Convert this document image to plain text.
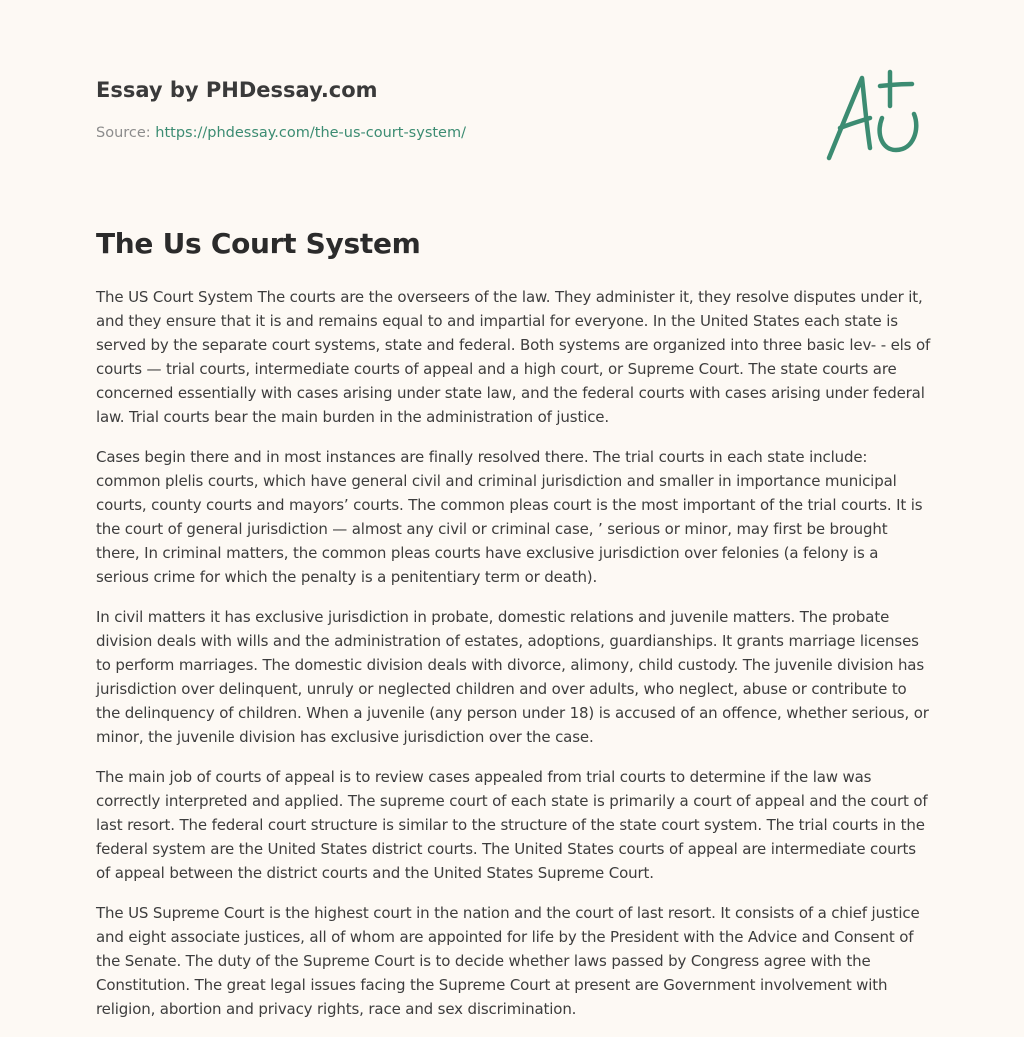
Essay by PHDessay.com
Source: https://phdessay.com/the-us-court-system/
The Us Court System

The US Court System The courts are the overseers of the law. They administer it, they resolve disputes under it, and they ensure that it is and remains equal to and impartial for everyone. In the United States each state is served by the separate court systems, state and federal. Both systems are organized into three basic lev- - els of courts — trial courts, intermediate courts of appeal and a high court, or Supreme Court. The state courts are concerned essentially with cases arising under state law, and the federal courts with cases arising under federal law. Trial courts bear the main burden in the administration of justice.

Cases begin there and in most instances are finally resolved there. The trial courts in each state include: common plelis courts, which have general civil and criminal jurisdiction and smaller in importance municipal courts, county courts and mayors’ courts. The common pleas court is the most important of the trial courts. It is the court of general jurisdiction — almost any civil or criminal case, ’ serious or minor, may first be brought there, In criminal matters, the common pleas courts have exclusive jurisdiction over felonies (a felony is a serious crime for which the penalty is a penitentiary term or death).

In civil matters it has exclusive jurisdiction in probate, domestic relations and juvenile matters. The probate division deals with wills and the administration of estates, adoptions, guardianships. It grants marriage licenses to perform marriages. The domestic division deals with divorce, alimony, child custody. The juvenile division has jurisdiction over delinquent, unruly or neglected children and over adults, who neglect, abuse or contribute to the delinquency of children. When a juvenile (any person under 18) is accused of an offence, whether serious, or minor, the juvenile division has exclusive jurisdiction over the case.

The main job of courts of appeal is to review cases appealed from trial courts to determine if the law was correctly interpreted and applied. The supreme court of each state is primarily a court of appeal and the court of last resort. The federal court structure is similar to the structure of the state court system. The trial courts in the federal system are the United States district courts. The United States courts of appeal are intermediate courts of appeal between the district courts and the United States Supreme Court.

The US Supreme Court is the highest court in the nation and the court of last resort. It consists of a chief justice and eight associate justices, all of whom are appointed for life by the President with the Advice and Consent of the Senate. The duty of the Supreme Court is to decide whether laws passed by Congress agree with the Constitution. The great legal issues facing the Supreme Court at present are Government involvement with religion, abortion and privacy rights, race and sex discrimination.
